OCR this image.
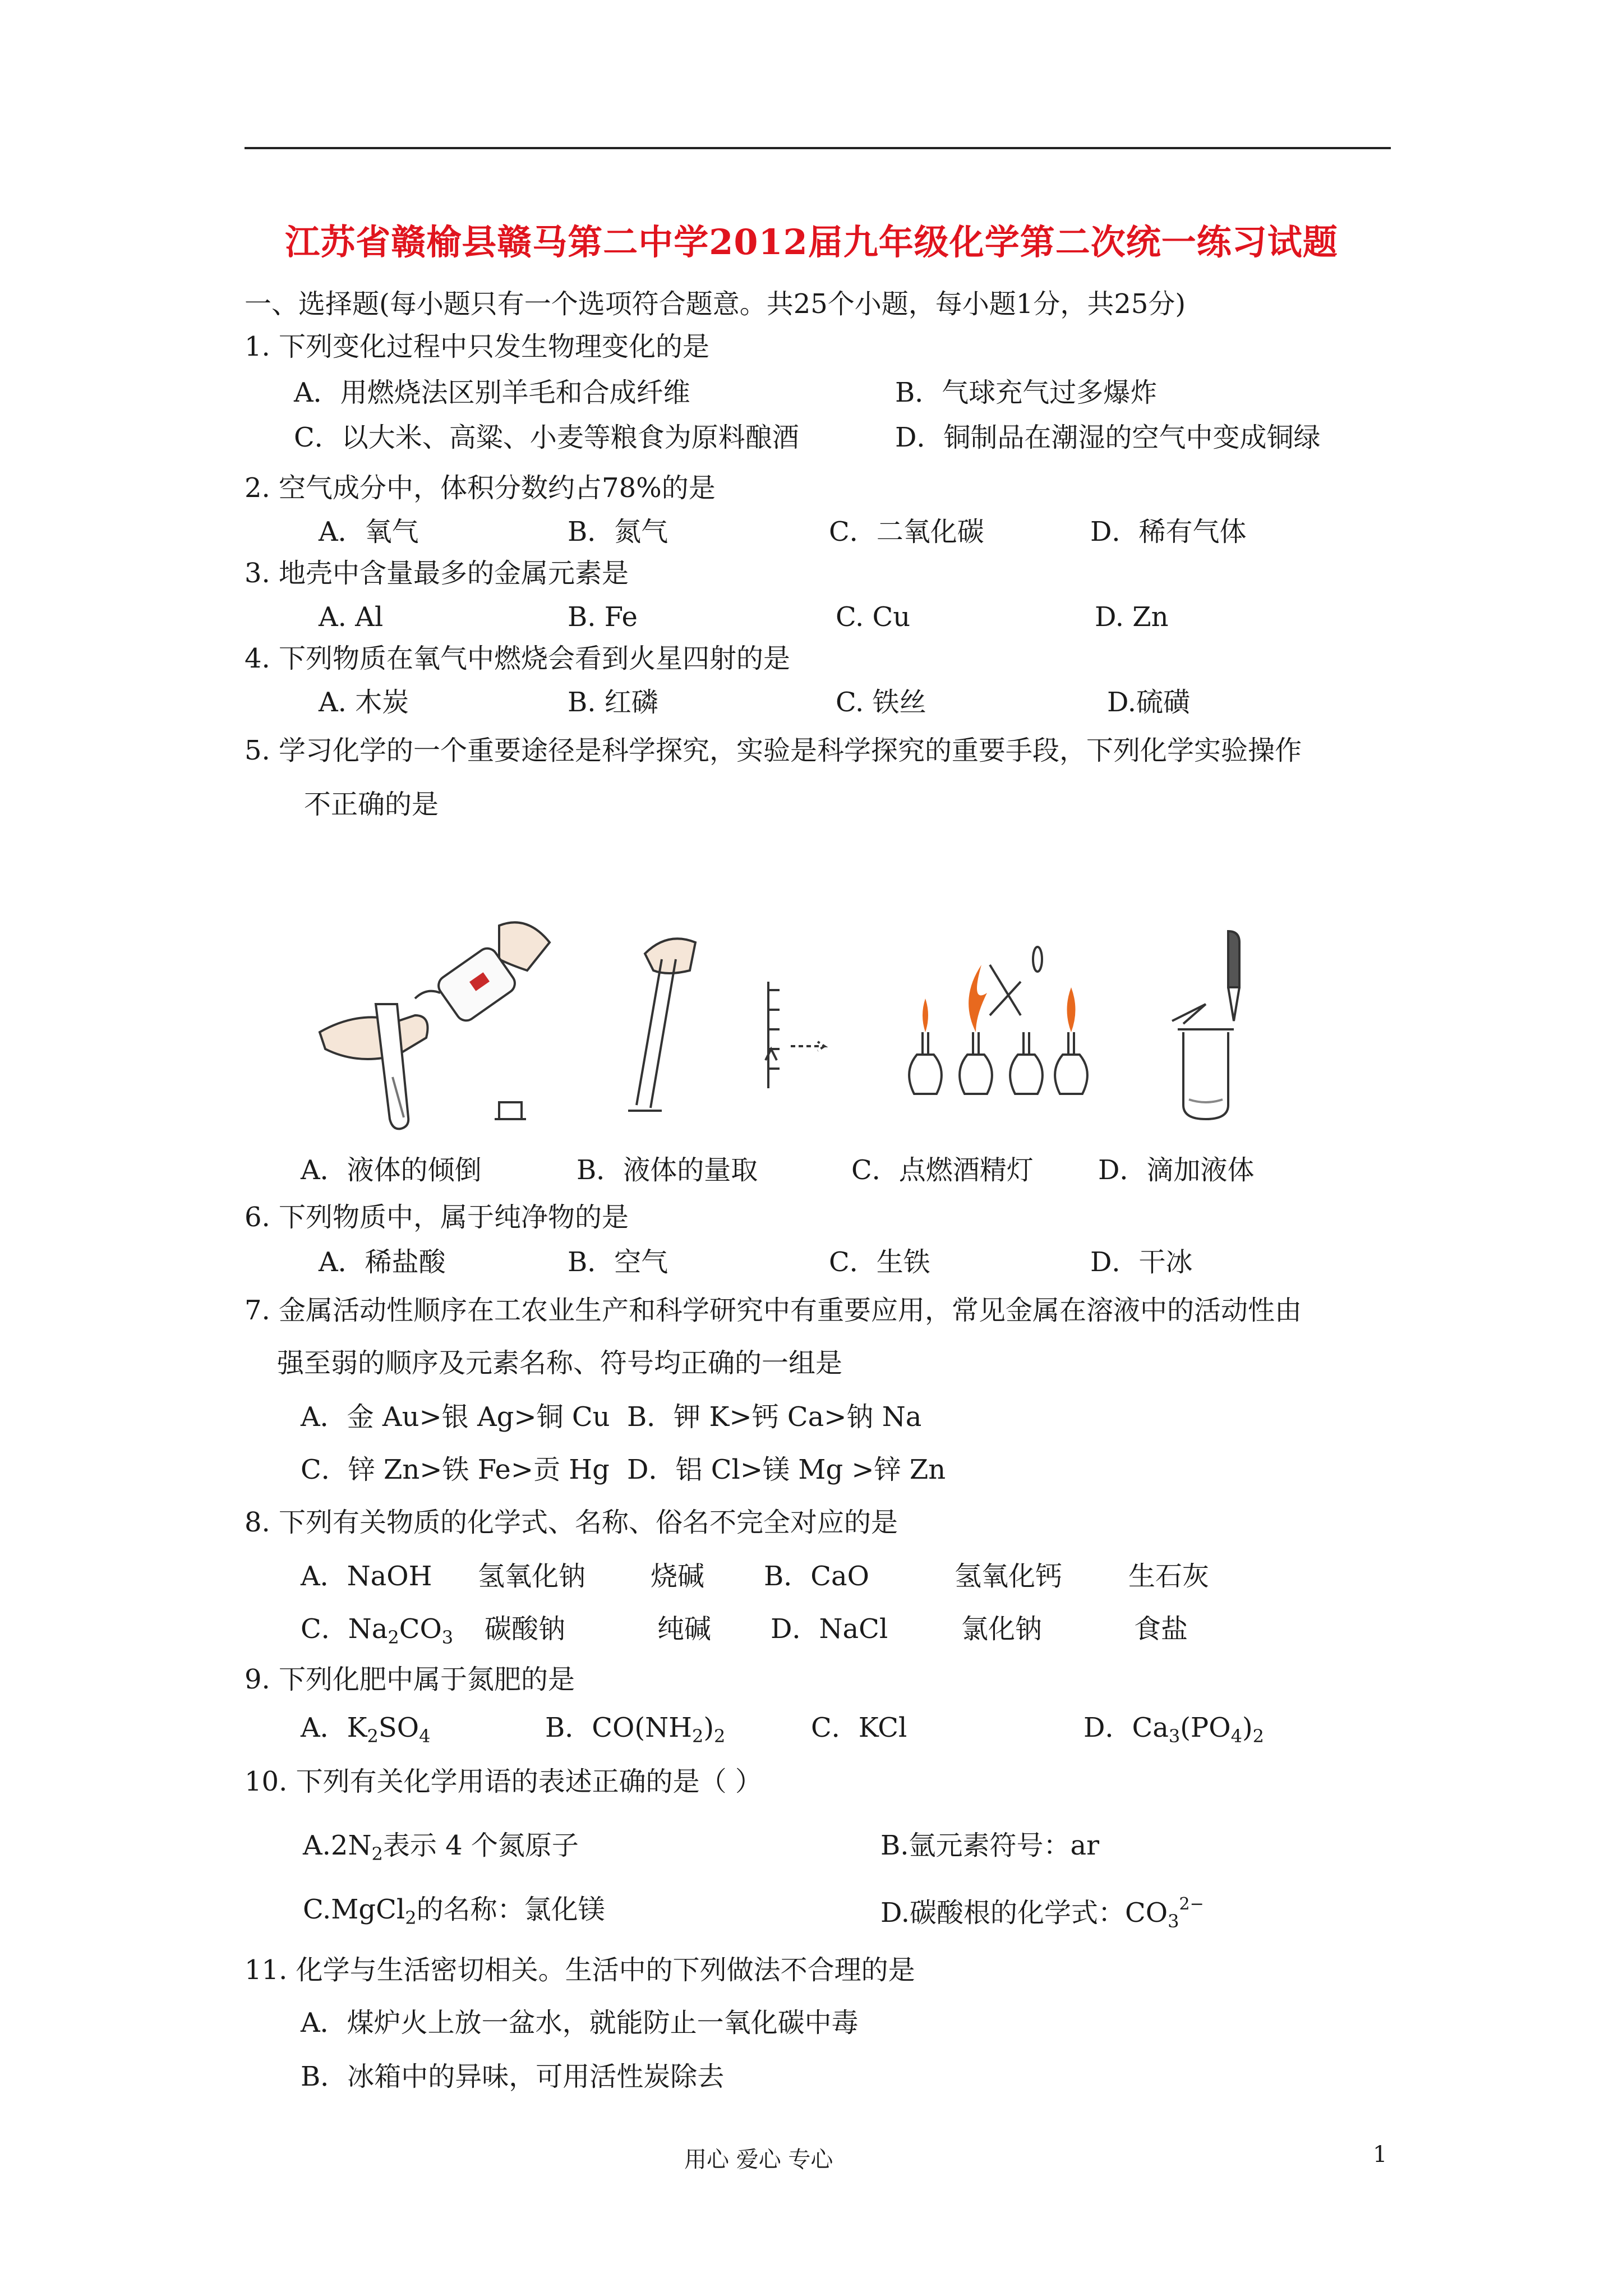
江苏省赣榆县赣马第二中学2012届九年级化学第二次统一练习试题
一、选择题(每小题只有一个选项符合题意。共25个小题，每小题1分，共25分)
1. 下列变化过程中只发生物理变化的是
A．用燃烧法区别羊毛和合成纤维	B．气球充气过多爆炸
C．以大米、高粱、小麦等粮食为原料酿酒	D．铜制品在潮湿的空气中变成铜绿
2. 空气成分中，体积分数约占78%的是
A．氧气	B．氮气	C．二氧化碳	D．稀有气体
3. 地壳中含量最多的金属元素是
A. Al	B. Fe	C. Cu	D. Zn
4. 下列物质在氧气中燃烧会看到火星四射的是
A. 木炭	B. 红磷	C. 铁丝	D.硫磺
5. 学习化学的一个重要途径是科学探究，实验是科学探究的重要手段，下列化学实验操作
不正确的是
A．液体的倾倒	B．液体的量取	C．点燃酒精灯 D．滴加液体
6. 下列物质中，属于纯净物的是
A．稀盐酸	B．空气	C．生铁	D．干冰
7. 金属活动性顺序在工农业生产和科学研究中有重要应用，常见金属在溶液中的活动性由
强至弱的顺序及元素名称、符号均正确的一组是
A．金 Au>银 Ag>铜 Cu B．钾 K>钙 Ca>钠 Na
C．锌 Zn>铁 Fe>贡 Hg D．铝 Cl>镁 Mg >锌 Zn
8. 下列有关物质的化学式、名称、俗名不完全对应的是
A．NaOH 氢氧化钠 烧碱 B．CaO	氢氧化钙 生石灰
C．$Na_2CO_3$ 碳酸钠	纯碱 D．NaCl	氯化钠	食盐
9. 下列化肥中属于氮肥的是
A．$K_2SO_4$	B．$CO(NH_2)_2$	C．KCl	D．$Ca_3(PO_4)_2$
10. 下列有关化学用语的表述正确的是（ ）
$A.2N_2$表示 4 个氮原子	B.氩元素符号：ar
C.MgCl$_2$的名称：氯化镁	D.碳酸根的化学式：$CO_3^{2-}$
11. 化学与生活密切相关。生活中的下列做法不合理的是
A．煤炉火上放一盆水，就能防止一氧化碳中毒
B．冰箱中的异味，可用活性炭除去
用心 爱心 专心	1
